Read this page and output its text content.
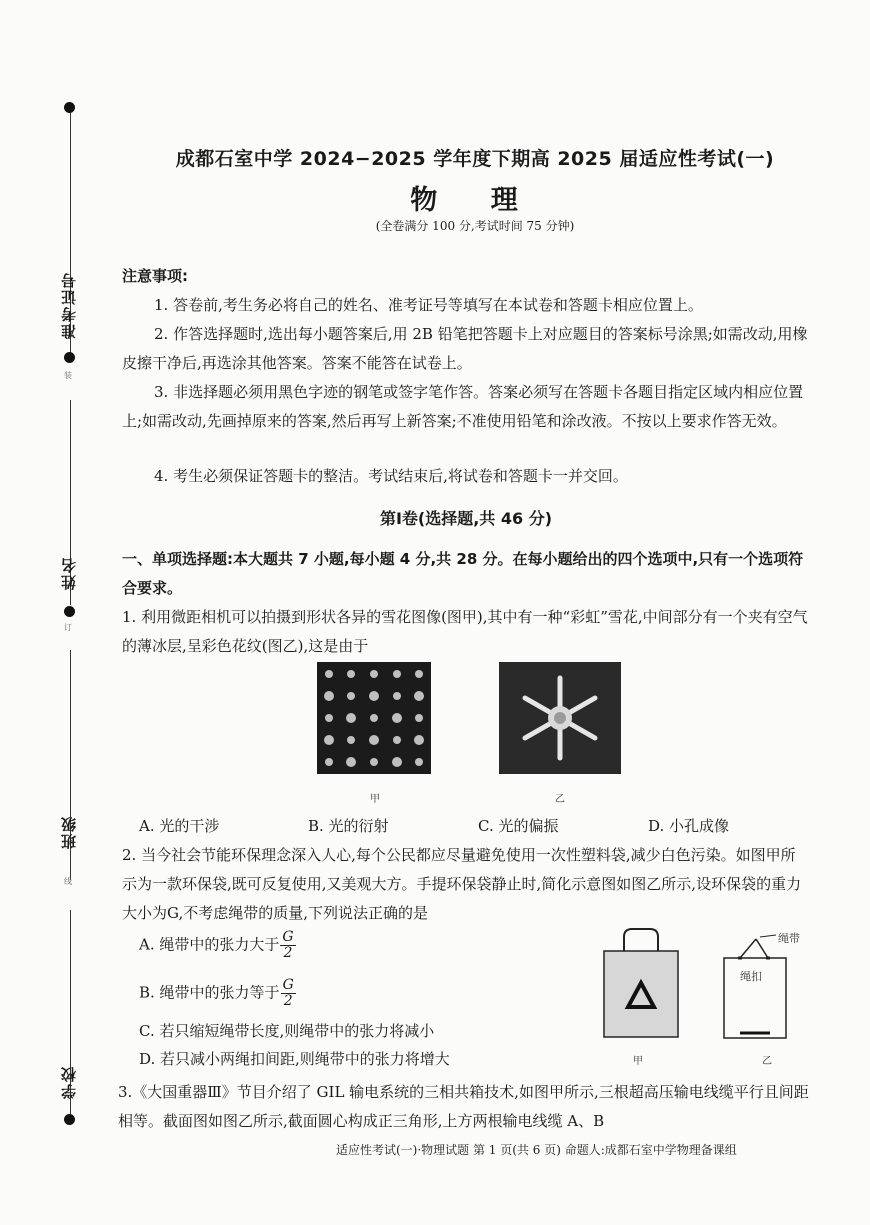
装
订
线
准考证号
姓名
班级
学校
成都石室中学 2024−2025 学年度下期高 2025 届适应性考试(一)
物 理
(全卷满分 100 分,考试时间 75 分钟)
注意事项:
1. 答卷前,考生务必将自己的姓名、准考证号等填写在本试卷和答题卡相应位置上。
2. 作答选择题时,选出每小题答案后,用 2B 铅笔把答题卡上对应题目的答案标号涂黑;如需改动,用橡皮擦干净后,再选涂其他答案。答案不能答在试卷上。
3. 非选择题必须用黑色字迹的钢笔或签字笔作答。答案必须写在答题卡各题目指定区域内相应位置上;如需改动,先画掉原来的答案,然后再写上新答案;不准使用铅笔和涂改液。不按以上要求作答无效。
4. 考生必须保证答题卡的整洁。考试结束后,将试卷和答题卡一并交回。
第Ⅰ卷(选择题,共 46 分)
一、单项选择题:本大题共 7 小题,每小题 4 分,共 28 分。在每小题给出的四个选项中,只有一个选项符合要求。
1. 利用微距相机可以拍摄到形状各异的雪花图像(图甲),其中有一种“彩虹”雪花,中间部分有一个夹有空气的薄冰层,呈彩色花纹(图乙),这是由于
甲	乙
A. 光的干涉	B. 光的衍射	C. 光的偏振	D. 小孔成像
2. 当今社会节能环保理念深入人心,每个公民都应尽量避免使用一次性塑料袋,减少白色污染。如图甲所示为一款环保袋,既可反复使用,又美观大方。手提环保袋静止时,简化示意图如图乙所示,设环保袋的重力大小为G,不考虑绳带的质量,下列说法正确的是
A. 绳带中的张力大于 $\frac{G}{2}$
B. 绳带中的张力等于 $\frac{G}{2}$
C. 若只缩短绳带长度,则绳带中的张力将减小
D. 若只减小两绳扣间距,则绳带中的张力将增大	甲
绳带
绳扣
乙
3.《大国重器Ⅲ》节目介绍了 GIL 输电系统的三相共箱技术,如图甲所示,三根超高压输电线缆平行且间距相等。截面图如图乙所示,截面圆心构成正三角形,上方两根输电线缆 A、B
适应性考试(一)·物理试题 第 1 页(共 6 页) 命题人:成都石室中学物理备课组
